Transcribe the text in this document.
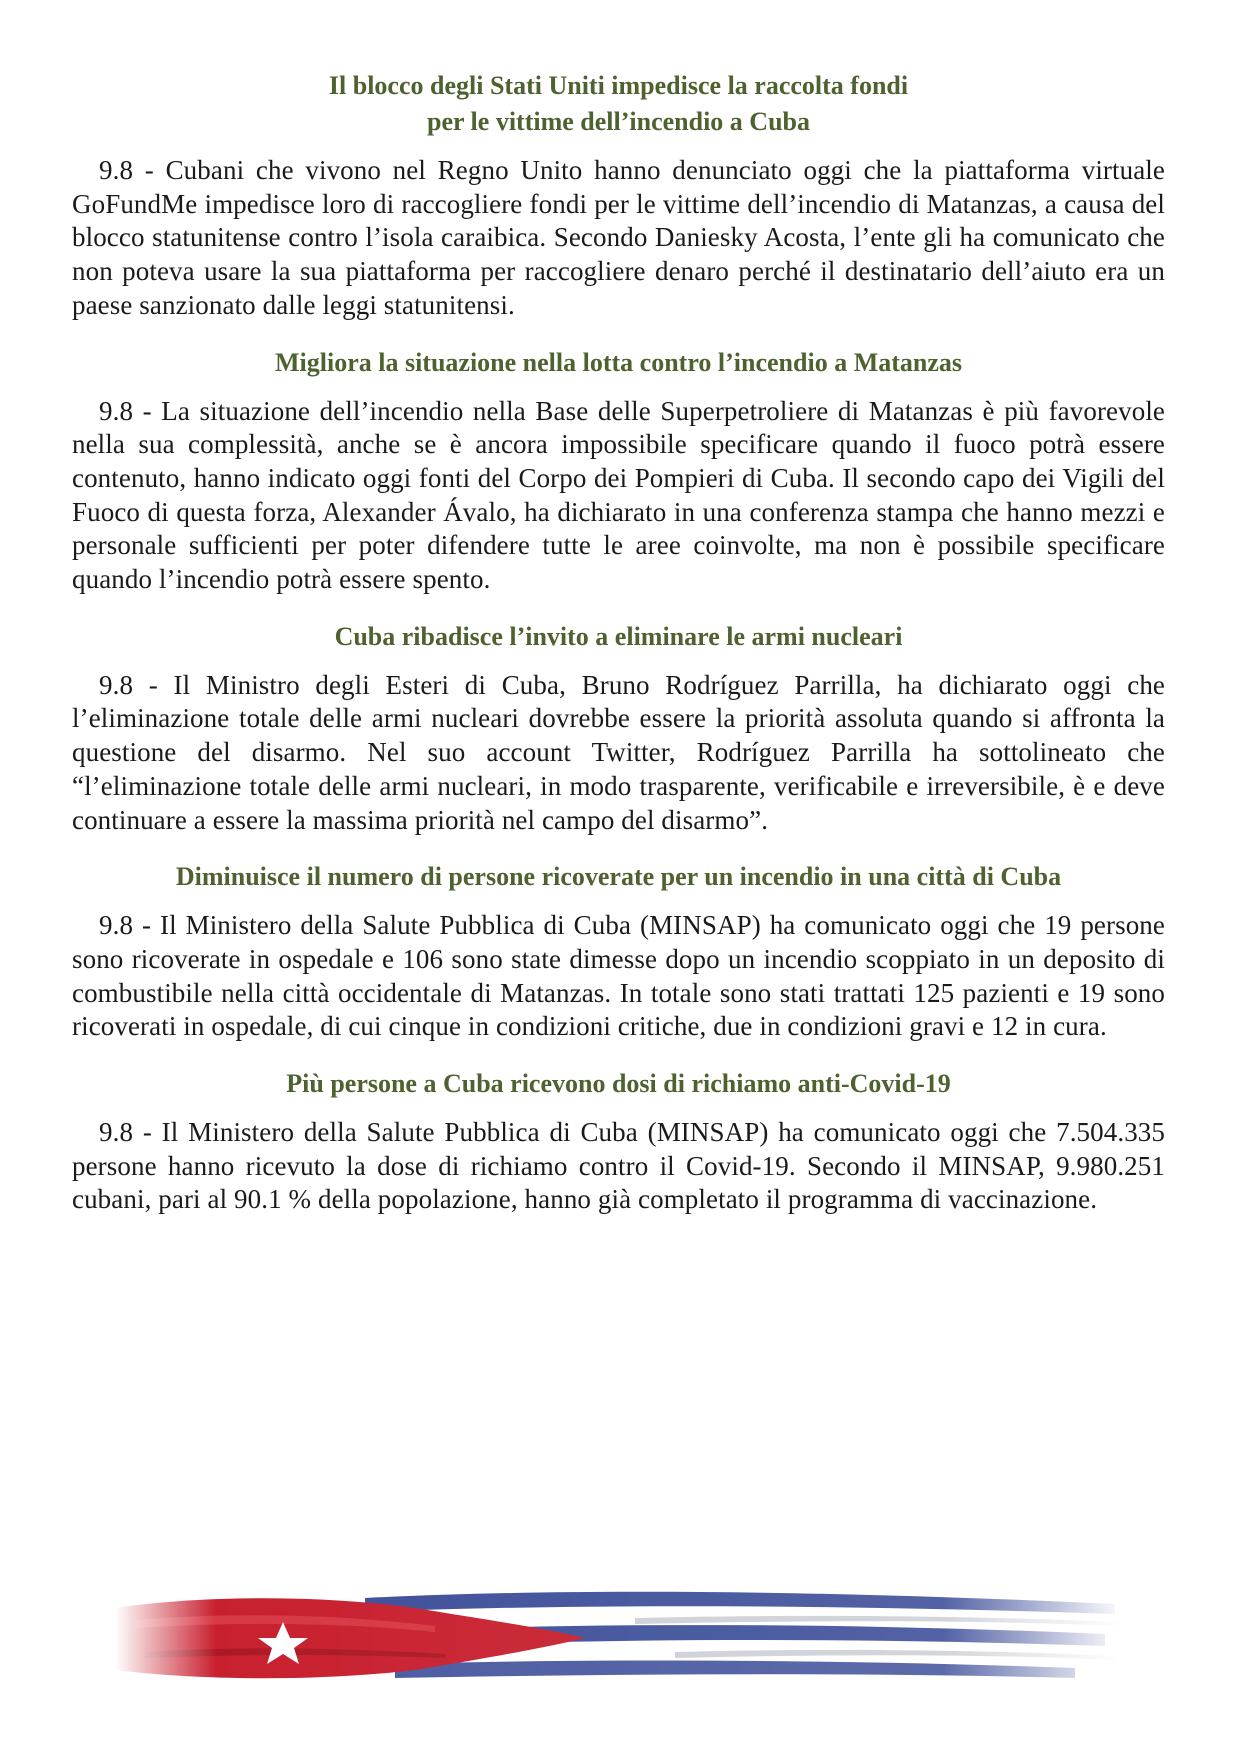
Il blocco degli Stati Uniti impedisce la raccolta fondi
per le vittime dell’incendio a Cuba

9.8 - Cubani che vivono nel Regno Unito hanno denunciato oggi che la piattaforma virtuale GoFundMe impedisce loro di raccogliere fondi per le vittime dell’incendio di Matanzas, a causa del blocco statunitense contro l’isola caraibica. Secondo Daniesky Acosta, l’ente gli ha comunicato che non poteva usare la sua piattaforma per raccogliere denaro perché il destinatario dell’aiuto era un paese sanzionato dalle leggi statunitensi.

Migliora la situazione nella lotta contro l’incendio a Matanzas

9.8 - La situazione dell’incendio nella Base delle Superpetroliere di Matanzas è più favorevole nella sua complessità, anche se è ancora impossibile specificare quando il fuoco potrà essere contenuto, hanno indicato oggi fonti del Corpo dei Pompieri di Cuba. Il secondo capo dei Vigili del Fuoco di questa forza, Alexander Ávalo, ha dichiarato in una conferenza stampa che hanno mezzi e personale sufficienti per poter difendere tutte le aree coinvolte, ma non è possibile specificare quando l’incendio potrà essere spento.

Cuba ribadisce l’invito a eliminare le armi nucleari

9.8 - Il Ministro degli Esteri di Cuba, Bruno Rodríguez Parrilla, ha dichiarato oggi che l’eliminazione totale delle armi nucleari dovrebbe essere la priorità assoluta quando si affronta la questione del disarmo. Nel suo account Twitter, Rodríguez Parrilla ha sottolineato che “l’eliminazione totale delle armi nucleari, in modo trasparente, verificabile e irreversibile, è e deve continuare a essere la massima priorità nel campo del disarmo”.

Diminuisce il numero di persone ricoverate per un incendio in una città di Cuba

9.8 - Il Ministero della Salute Pubblica di Cuba (MINSAP) ha comunicato oggi che 19 persone sono ricoverate in ospedale e 106 sono state dimesse dopo un incendio scoppiato in un deposito di combustibile nella città occidentale di Matanzas. In totale sono stati trattati 125 pazienti e 19 sono ricoverati in ospedale, di cui cinque in condizioni critiche, due in condizioni gravi e 12 in cura.

Più persone a Cuba ricevono dosi di richiamo anti-Covid-19

9.8 - Il Ministero della Salute Pubblica di Cuba (MINSAP) ha comunicato oggi che 7.504.335 persone hanno ricevuto la dose di richiamo contro il Covid-19. Secondo il MINSAP, 9.980.251 cubani, pari al 90.1 % della popolazione, hanno già completato il programma di vaccinazione.
